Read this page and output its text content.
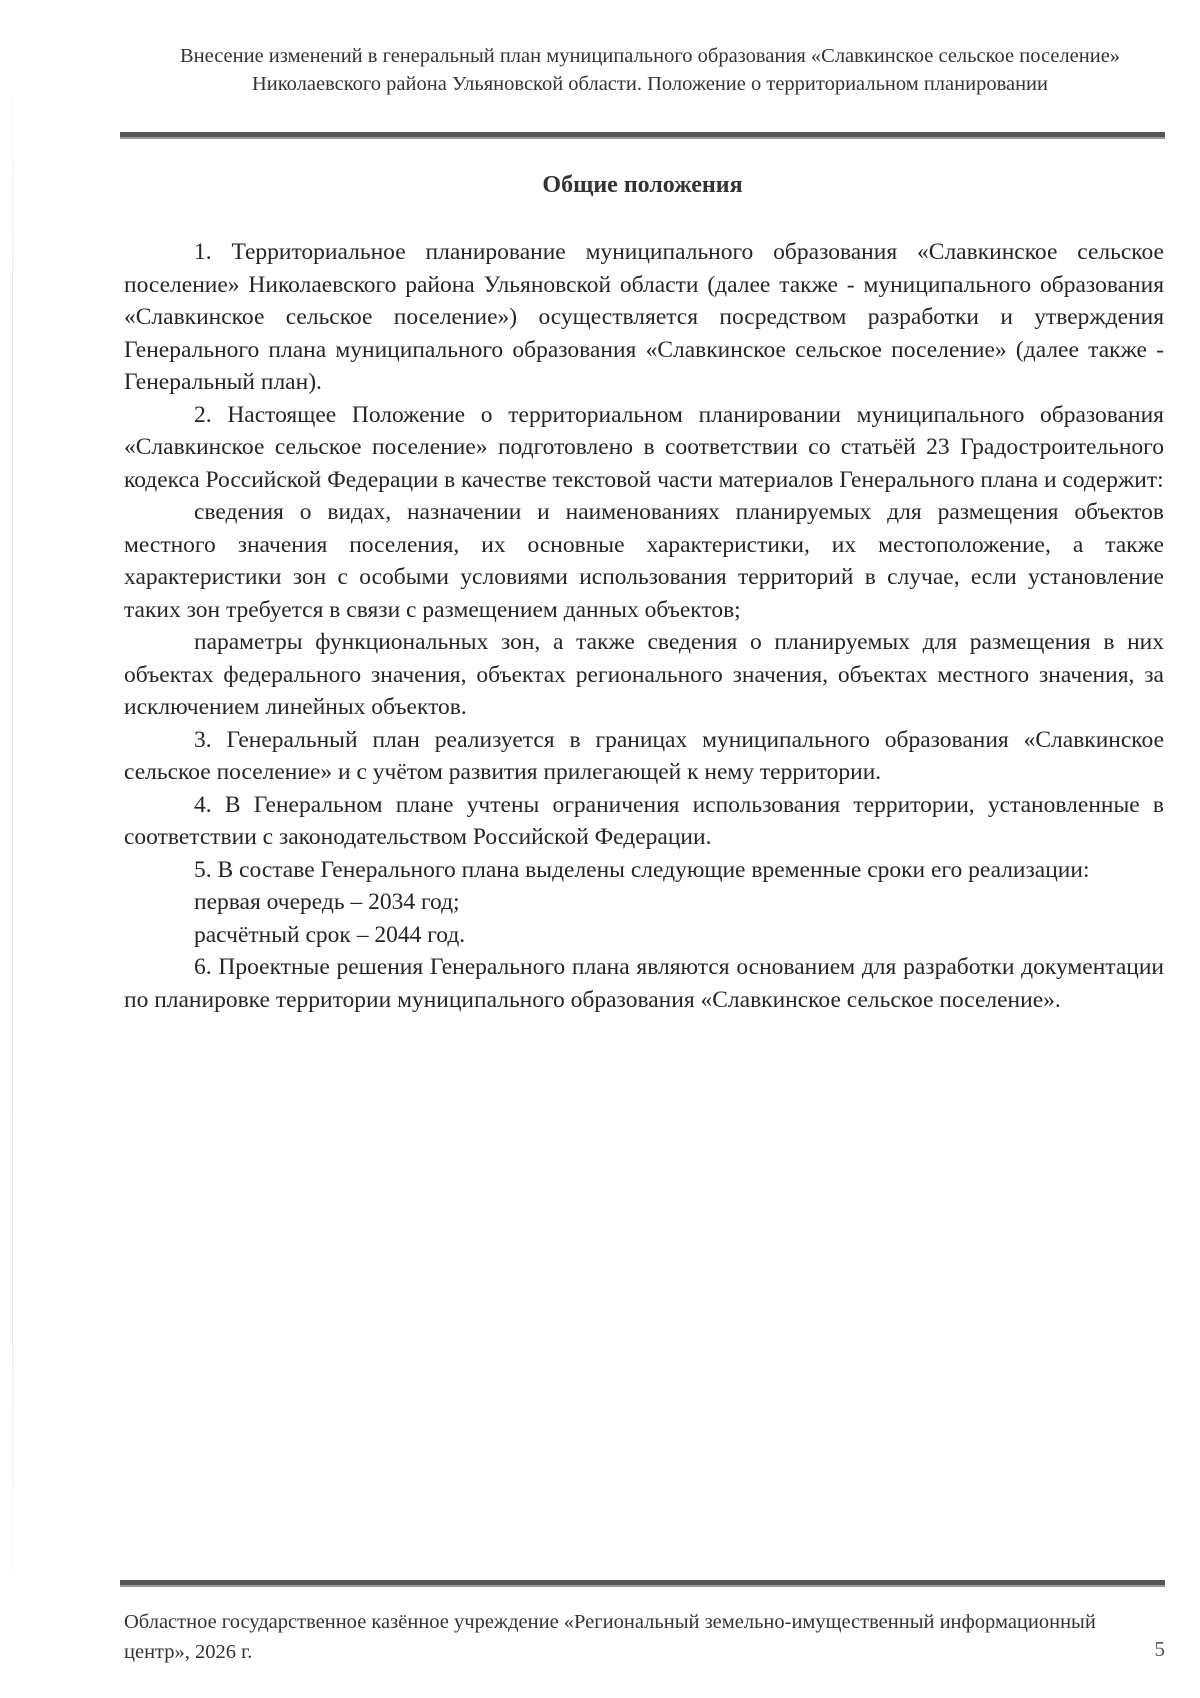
Внесение изменений в генеральный план муниципального образования «Славкинское сельское поселение» Николаевского района Ульяновской области. Положение о территориальном планировании
Общие положения

1. Территориальное планирование муниципального образования «Славкинское сельское поселение» Николаевского района Ульяновской области (далее также - муниципального образования «Славкинское сельское поселение») осуществляется посредством разработки и утверждения Генерального плана муниципального образования «Славкинское сельское поселение» (далее также - Генеральный план).

2. Настоящее Положение о территориальном планировании муниципального образования «Славкинское сельское поселение» подготовлено в соответствии со статьёй 23 Градостроительного кодекса Российской Федерации в качестве текстовой части материалов Генерального плана и содержит:

сведения о видах, назначении и наименованиях планируемых для размещения объектов местного значения поселения, их основные характеристики, их местоположение, а также характеристики зон с особыми условиями использования территорий в случае, если установление таких зон требуется в связи с размещением данных объектов;

параметры функциональных зон, а также сведения о планируемых для размещения в них объектах федерального значения, объектах регионального значения, объектах местного значения, за исключением линейных объектов.

3. Генеральный план реализуется в границах муниципального образования «Славкинское сельское поселение» и с учётом развития прилегающей к нему территории.

4. В Генеральном плане учтены ограничения использования территории, установленные в соответствии с законодательством Российской Федерации.

5. В составе Генерального плана выделены следующие временные сроки его реализации:

первая очередь – 2034 год;

расчётный срок – 2044 год.

6. Проектные решения Генерального плана являются основанием для разработки документации по планировке территории муниципального образования «Славкинское сельское поселение».

Областное государственное казённое учреждение «Региональный земельно-имущественный информационный центр», 2026 г.	5
